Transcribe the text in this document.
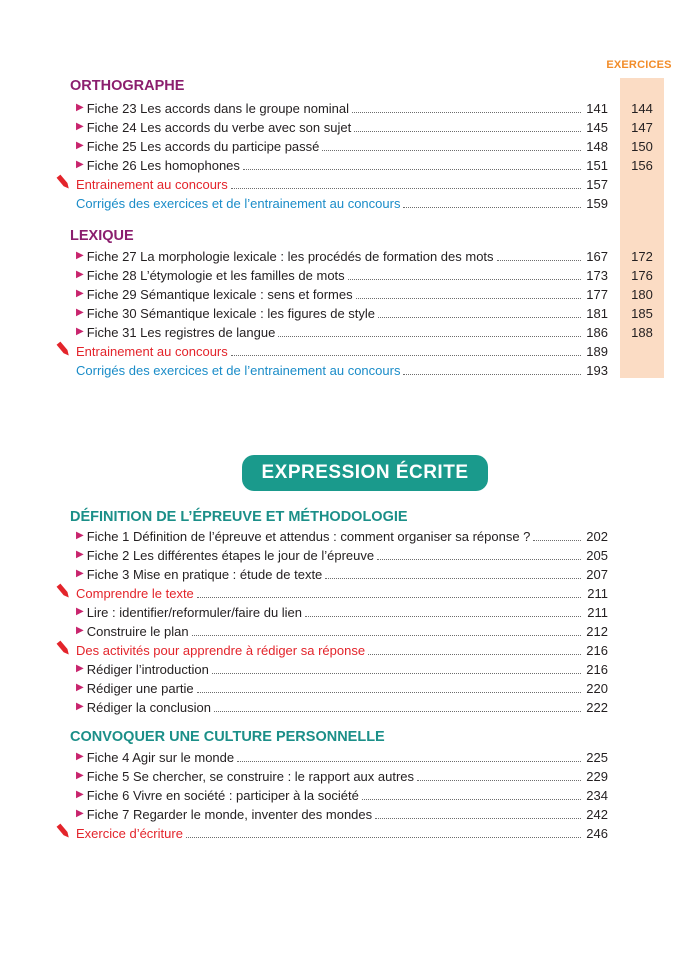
EXERCICES
ORTHOGRAPHE
▶ Fiche 23 Les accords dans le groupe nominal	141	144
▶ Fiche 24 Les accords du verbe avec son sujet	145	147
▶ Fiche 25 Les accords du participe passé	148	150
▶ Fiche 26 Les homophones	151	156
Entrainement au concours	157
Corrigés des exercices et de l’entrainement au concours	159
LEXIQUE
▶ Fiche 27 La morphologie lexicale : les procédés de formation des mots	167	172
▶ Fiche 28 L’étymologie et les familles de mots	173	176
▶ Fiche 29 Sémantique lexicale : sens et formes	177	180
▶ Fiche 30 Sémantique lexicale : les figures de style	181	185
▶ Fiche 31 Les registres de langue	186	188
Entrainement au concours	189
Corrigés des exercices et de l’entrainement au concours	193
EXPRESSION ÉCRITE
DÉFINITION DE L’ÉPREUVE ET MÉTHODOLOGIE
▶ Fiche 1 Définition de l’épreuve et attendus : comment organiser sa réponse ?	202
▶ Fiche 2 Les différentes étapes le jour de l’épreuve	205
▶ Fiche 3 Mise en pratique : étude de texte	207
Comprendre le texte	211
▶ Lire : identifier/reformuler/faire du lien	211
▶ Construire le plan	212
Des activités pour apprendre à rédiger sa réponse	216
▶ Rédiger l’introduction	216
▶ Rédiger une partie	220
▶ Rédiger la conclusion	222
CONVOQUER UNE CULTURE PERSONNELLE
▶ Fiche 4 Agir sur le monde	225
▶ Fiche 5 Se chercher, se construire : le rapport aux autres	229
▶ Fiche 6 Vivre en société : participer à la société	234
▶ Fiche 7 Regarder le monde, inventer des mondes	242
Exercice d’écriture	246
